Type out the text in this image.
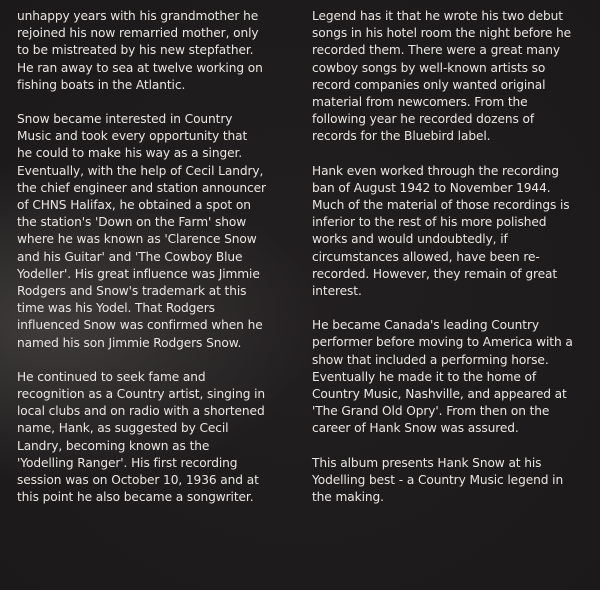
unhappy years with his grandmother he
rejoined his now remarried mother, only
to be mistreated by his new stepfather.
He ran away to sea at twelve working on
fishing boats in the Atlantic.

Snow became interested in Country
Music and took every opportunity that
he could to make his way as a singer.
Eventually, with the help of Cecil Landry,
the chief engineer and station announcer
of CHNS Halifax, he obtained a spot on
the station's 'Down on the Farm' show
where he was known as 'Clarence Snow
and his Guitar' and 'The Cowboy Blue
Yodeller'. His great influence was Jimmie
Rodgers and Snow's trademark at this
time was his Yodel. That Rodgers
influenced Snow was confirmed when he
named his son Jimmie Rodgers Snow.

He continued to seek fame and
recognition as a Country artist, singing in
local clubs and on radio with a shortened
name, Hank, as suggested by Cecil
Landry, becoming known as the
'Yodelling Ranger'. His first recording
session was on October 10, 1936 and at
this point he also became a songwriter.

Legend has it that he wrote his two debut
songs in his hotel room the night before he
recorded them. There were a great many
cowboy songs by well-known artists so
record companies only wanted original
material from newcomers. From the
following year he recorded dozens of
records for the Bluebird label.

Hank even worked through the recording
ban of August 1942 to November 1944.
Much of the material of those recordings is
inferior to the rest of his more polished
works and would undoubtedly, if
circumstances allowed, have been re-
recorded. However, they remain of great
interest.

He became Canada's leading Country
performer before moving to America with a
show that included a performing horse.
Eventually he made it to the home of
Country Music, Nashville, and appeared at
'The Grand Old Opry'. From then on the
career of Hank Snow was assured.

This album presents Hank Snow at his
Yodelling best - a Country Music legend in
the making.
